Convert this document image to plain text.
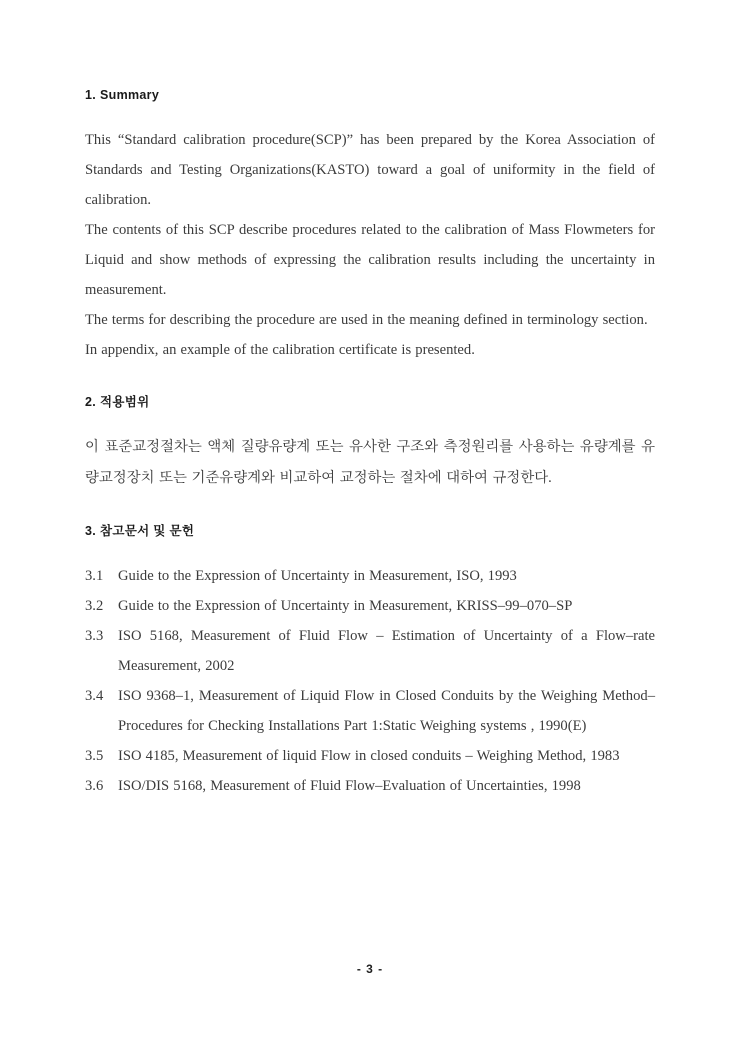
1. Summary

This “Standard calibration procedure(SCP)” has been prepared by the Korea Association of Standards and Testing Organizations(KASTO) toward a goal of uniformity in the field of calibration.

The contents of this SCP describe procedures related to the calibration of Mass Flowmeters for Liquid and show methods of expressing the calibration results including the uncertainty in measurement.

The terms for describing the procedure are used in the meaning defined in terminology section.

In appendix, an example of the calibration certificate is presented.

2. 적용범위

이 표준교정절차는 액체 질량유량계 또는 유사한 구조와 측정원리를 사용하는 유량계를 유량교정장치 또는 기준유량계와 비교하여 교정하는 절차에 대하여 규정한다.

3. 참고문서 및 문헌
3.1 Guide to the Expression of Uncertainty in Measurement, ISO, 1993
3.2 Guide to the Expression of Uncertainty in Measurement, KRISS–99–070–SP
3.3 ISO 5168, Measurement of Fluid Flow – Estimation of Uncertainty of a Flow–rate Measurement, 2002
3.4 ISO 9368–1, Measurement of Liquid Flow in Closed Conduits by the Weighing Method–Procedures for Checking Installations Part 1:Static Weighing systems , 1990(E)
3.5 ISO 4185, Measurement of liquid Flow in closed conduits – Weighing Method, 1983
3.6 ISO/DIS 5168, Measurement of Fluid Flow–Evaluation of Uncertainties, 1998
- 3 -
